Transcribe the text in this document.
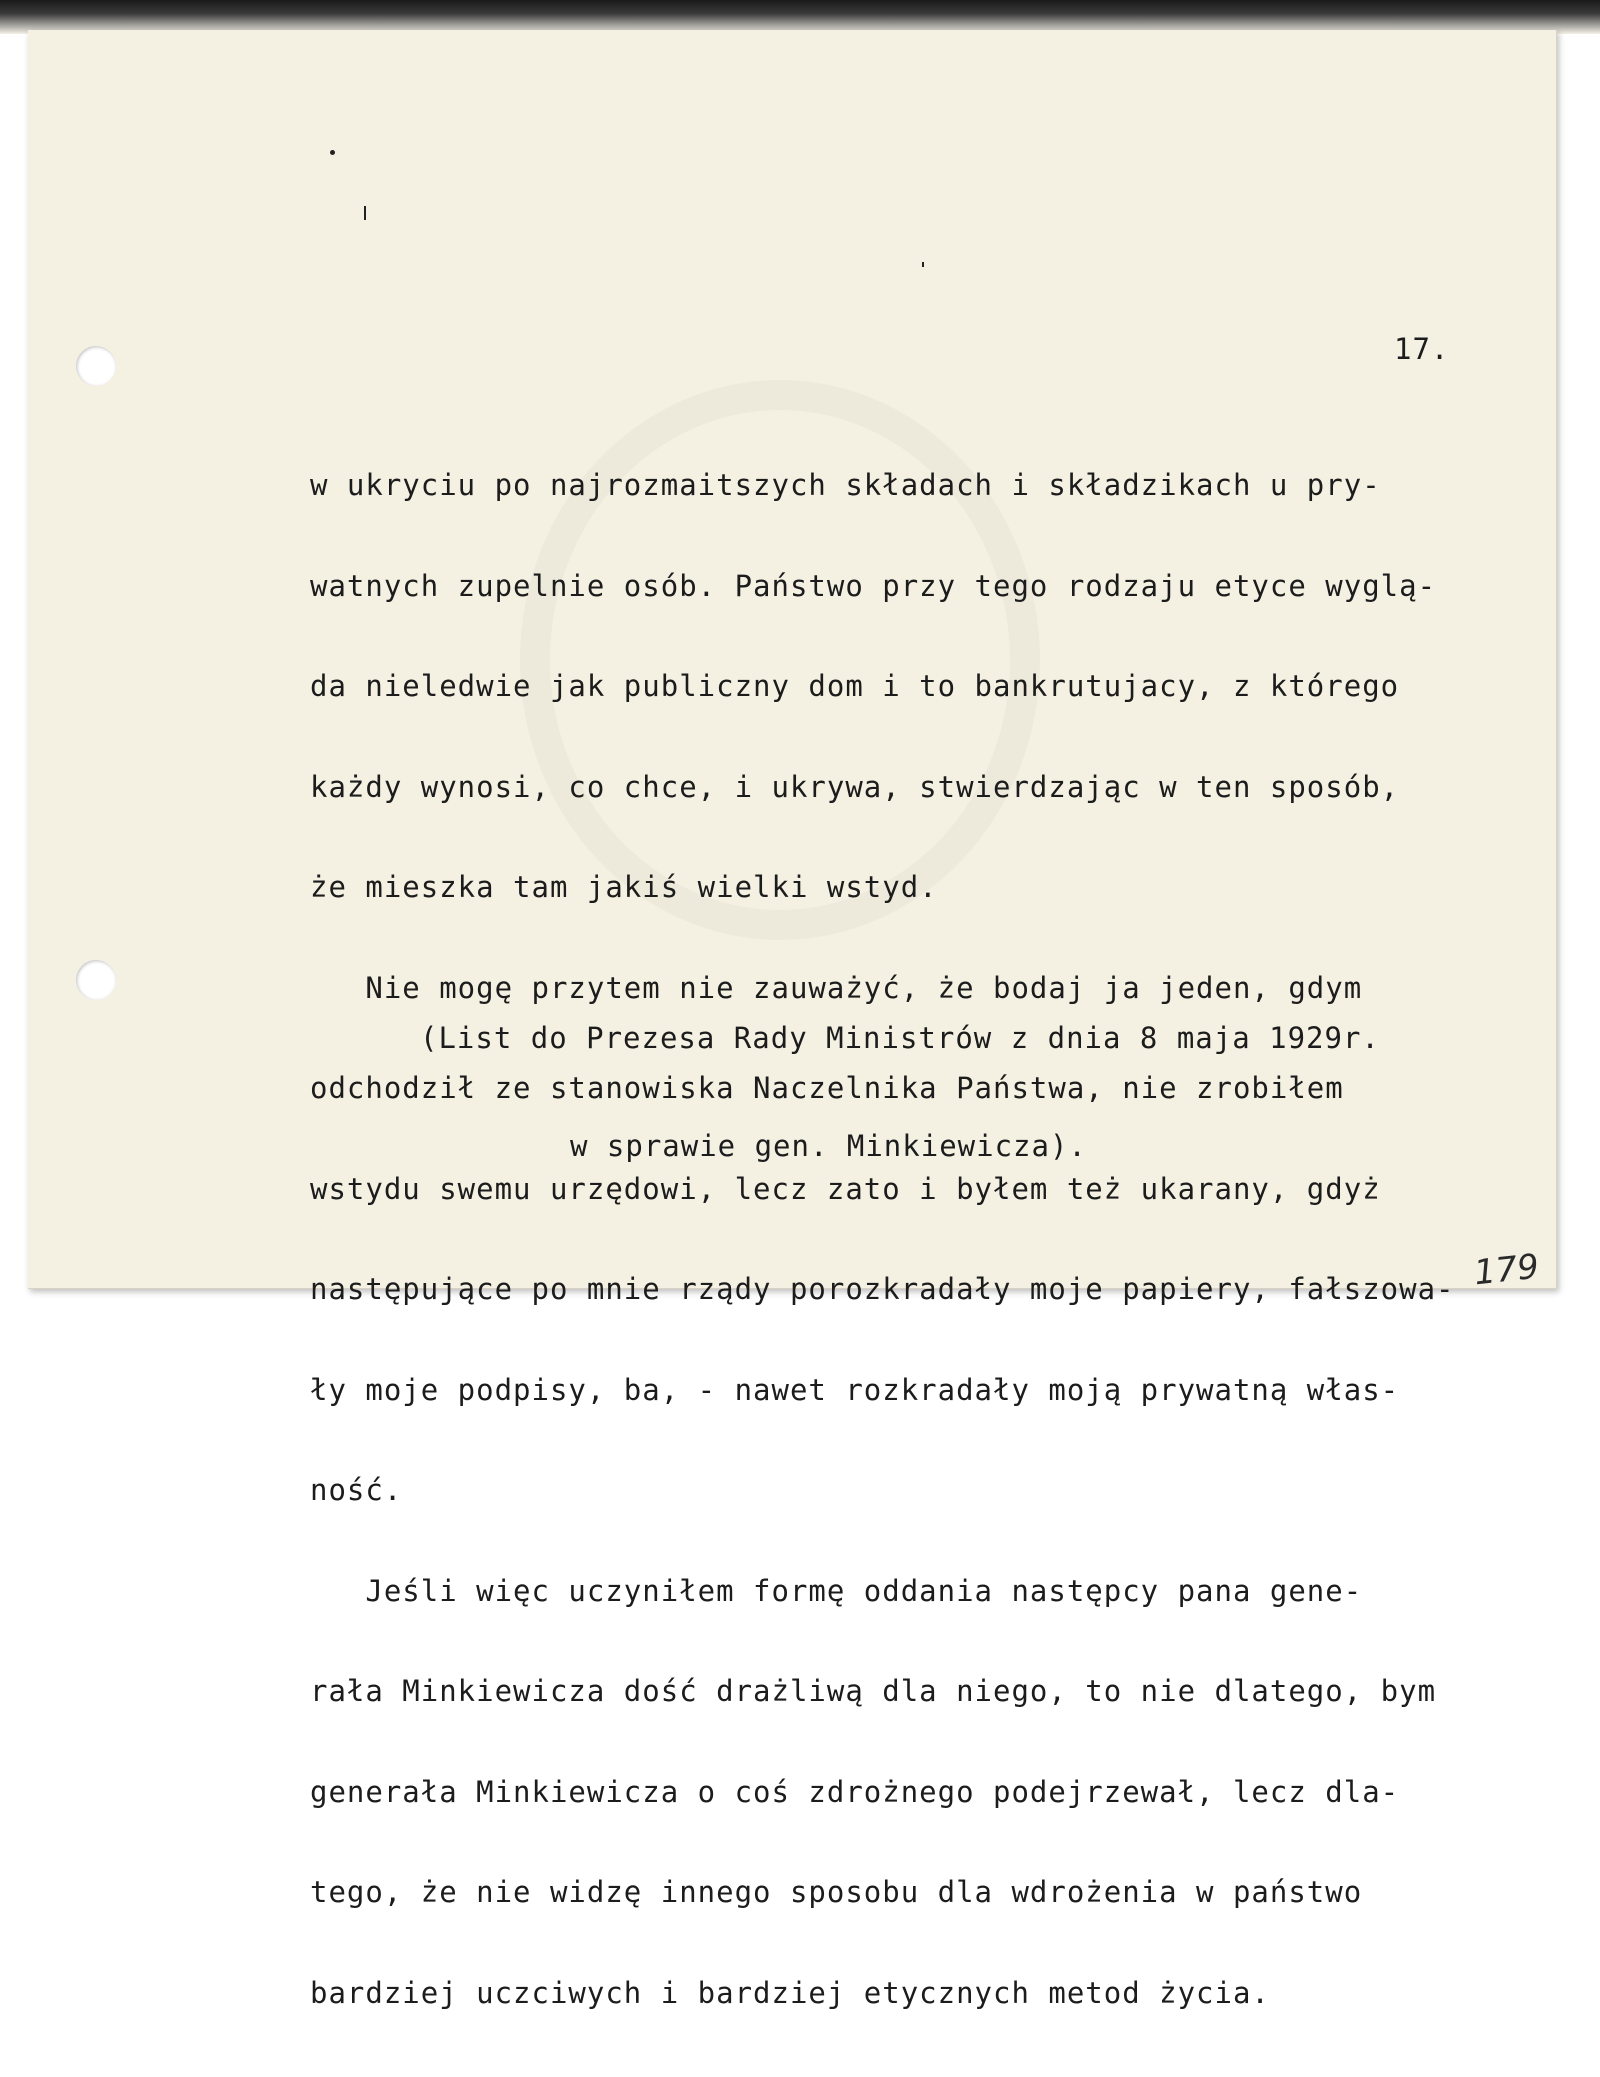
17.

w ukryciu po najrozmaitszych składach i składzikach u pry-

watnych zupelnie osób. Państwo przy tego rodzaju etyce wyglą-

da nieledwie jak publiczny dom i to bankrutujacy, z którego

każdy wynosi, co chce, i ukrywa, stwierdzając w ten sposób,

że mieszka tam jakiś wielki wstyd.

Nie mogę przytem nie zauważyć, że bodaj ja jeden, gdym

odchodził ze stanowiska Naczelnika Państwa, nie zrobiłem

wstydu swemu urzędowi, lecz zato i byłem też ukarany, gdyż

następujące po mnie rządy porozkradały moje papiery, fałszowa-

ły moje podpisy, ba, - nawet rozkradały moją prywatną włas-

ność.

Jeśli więc uczyniłem formę oddania następcy pana gene-

rała Minkiewicza dość drażliwą dla niego, to nie dlatego, bym

generała Minkiewicza o coś zdrożnego podejrzewał, lecz dla-

tego, że nie widzę innego sposobu dla wdrożenia w państwo

bardziej uczciwych i bardziej etycznych metod życia.

(List do Prezesa Rady Ministrów z dnia 8 maja 1929r.

w sprawie gen. Minkiewicza).

179
